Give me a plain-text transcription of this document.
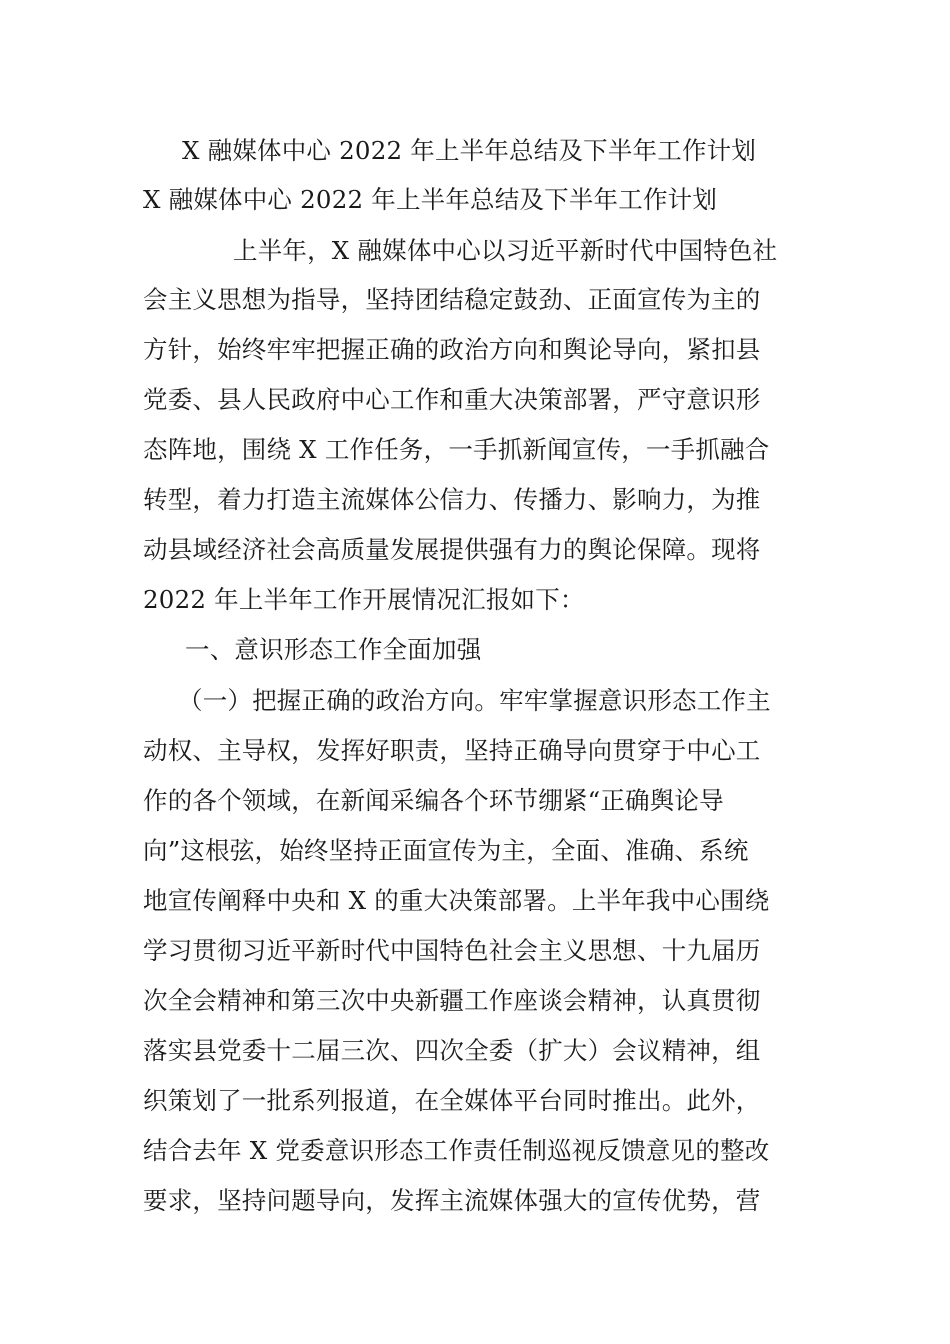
X 融媒体中心 2022 年上半年总结及下半年工作计划
X 融媒体中心 2022 年上半年总结及下半年工作计划
上半年，X 融媒体中心以习近平新时代中国特色社
会主义思想为指导，坚持团结稳定鼓劲、正面宣传为主的
方针，始终牢牢把握正确的政治方向和舆论导向，紧扣县
党委、县人民政府中心工作和重大决策部署，严守意识形
态阵地，围绕 X 工作任务，一手抓新闻宣传，一手抓融合
转型，着力打造主流媒体公信力、传播力、影响力，为推
动县域经济社会高质量发展提供强有力的舆论保障。现将
2022 年上半年工作开展情况汇报如下：
一、意识形态工作全面加强
（一）把握正确的政治方向。牢牢掌握意识形态工作主
动权、主导权，发挥好职责，坚持正确导向贯穿于中心工
作的各个领域，在新闻采编各个环节绷紧“正确舆论导
向”这根弦，始终坚持正面宣传为主，全面、准确、系统
地宣传阐释中央和 X 的重大决策部署。上半年我中心围绕
学习贯彻习近平新时代中国特色社会主义思想、十九届历
次全会精神和第三次中央新疆工作座谈会精神，认真贯彻
落实县党委十二届三次、四次全委（扩大）会议精神，组
织策划了一批系列报道，在全媒体平台同时推出。此外，
结合去年 X 党委意识形态工作责任制巡视反馈意见的整改
要求，坚持问题导向，发挥主流媒体强大的宣传优势，营
